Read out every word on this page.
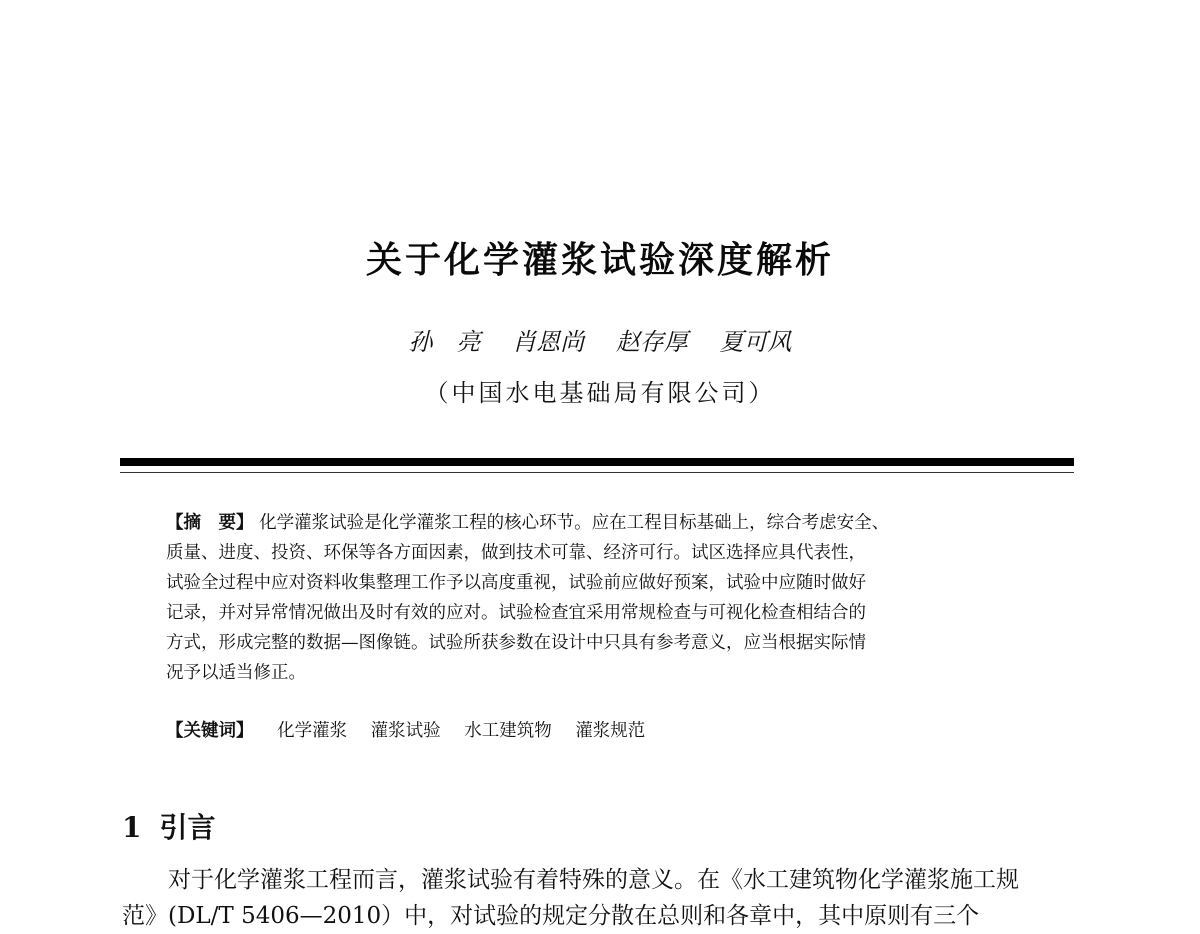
关于化学灌浆试验深度解析
孙　亮 肖恩尚 赵存厚 夏可风
（中国水电基础局有限公司）
【摘　要】 化学灌浆试验是化学灌浆工程的核心环节。应在工程目标基础上，综合考虑安全、
质量、进度、投资、环保等各方面因素，做到技术可靠、经济可行。试区选择应具代表性，
试验全过程中应对资料收集整理工作予以高度重视，试验前应做好预案，试验中应随时做好
记录，并对异常情况做出及时有效的应对。试验检查宜采用常规检查与可视化检查相结合的
方式，形成完整的数据—图像链。试验所获参数在设计中只具有参考意义，应当根据实际情
况予以适当修正。
【关键词】 化学灌浆 灌浆试验 水工建筑物 灌浆规范
1 引言
对于化学灌浆工程而言，灌浆试验有着特殊的意义。在《水工建筑物化学灌浆施工规
范》(DL/T 5406—2010）中，对试验的规定分散在总则和各章中，其中原则有三个
